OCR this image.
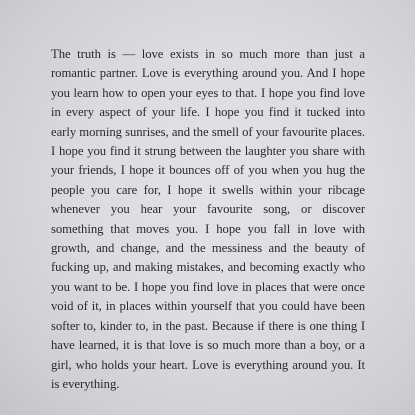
The truth is — love exists in so much more than just a romantic partner. Love is everything around you. And I hope you learn how to open your eyes to that. I hope you find love in every aspect of your life. I hope you find it tucked into early morning sunrises, and the smell of your favourite places. I hope you find it strung between the laughter you share with your friends, I hope it bounces off of you when you hug the people you care for, I hope it swells within your ribcage whenever you hear your favourite song, or discover something that moves you. I hope you fall in love with growth, and change, and the messiness and the beauty of fucking up, and making mistakes, and becoming exactly who you want to be. I hope you find love in places that were once void of it, in places within yourself that you could have been softer to, kinder to, in the past. Because if there is one thing I have learned, it is that love is so much more than a boy, or a girl, who holds your heart. Love is everything around you. It is everything.
